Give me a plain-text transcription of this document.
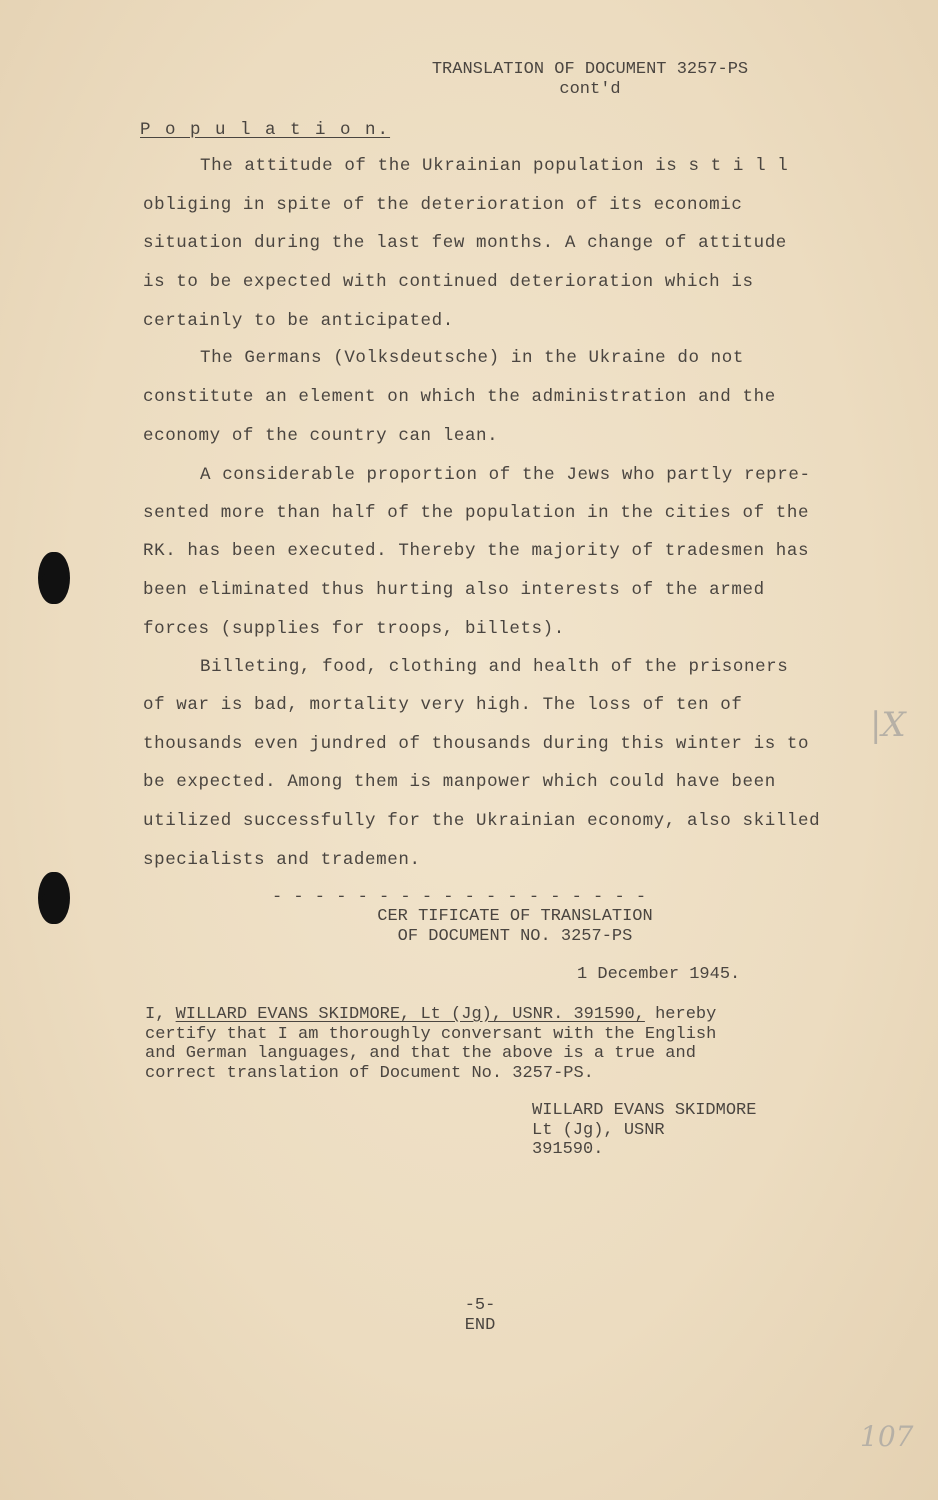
TRANSLATION OF DOCUMENT 3257-PS
cont'd
P o p u l a t i o n.
The attitude of the Ukrainian population is s t i l l
obliging in spite of the deterioration of its economic
situation during the last few months. A change of attitude
is to be expected with continued deterioration which is
certainly to be anticipated.
The Germans (Volksdeutsche) in the Ukraine do not
constitute an element on which the administration and the
economy of the country can lean.
A considerable proportion of the Jews who partly repre-
sented more than half of the population in the cities of the
RK. has been executed. Thereby the majority of tradesmen has
been eliminated thus hurting also interests of the armed
forces (supplies for troops, billets).
Billeting, food, clothing and health of the prisoners
of war is bad, mortality very high. The loss of ten of
thousands even jundred of thousands during this winter is to
be expected. Among them is manpower which could have been
utilized successfully for the Ukrainian economy, also skilled
specialists and trademen.
- - - - - - - - - - - - - - - - - -
CER TIFICATE OF TRANSLATION
OF DOCUMENT NO. 3257-PS
1 December 1945.
I, WILLARD EVANS SKIDMORE, Lt (Jg), USNR. 391590, hereby
certify that I am thoroughly conversant with the English
and German languages, and that the above is a true and
correct translation of Document No. 3257-PS.
WILLARD EVANS SKIDMORE
Lt (Jg), USNR
391590.
-5-
END
|X
107
